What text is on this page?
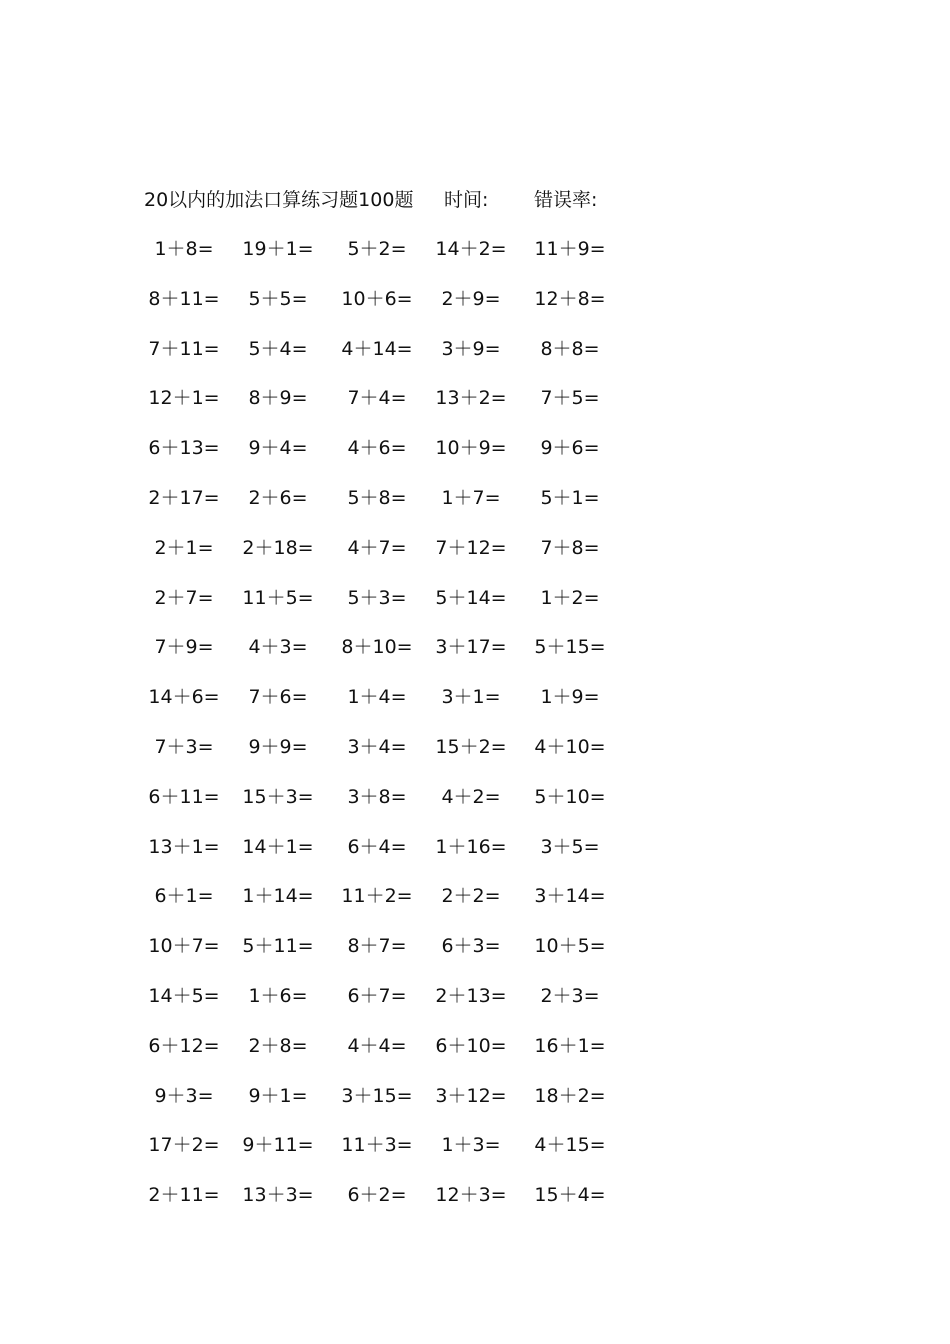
20以内的加法口算练习题100题 时间: 错误率:
1＋8=	19＋1=	5＋2=	14＋2=	11＋9=
8＋11=	5＋5=	10＋6=	2＋9=	12＋8=
7＋11=	5＋4=	4＋14=	3＋9=	8＋8=
12＋1=	8＋9=	7＋4=	13＋2=	7＋5=
6＋13=	9＋4=	4＋6=	10＋9=	9＋6=
2＋17=	2＋6=	5＋8=	1＋7=	5＋1=
2＋1=	2＋18=	4＋7=	7＋12=	7＋8=
2＋7=	11＋5=	5＋3=	5＋14=	1＋2=
7＋9=	4＋3=	8＋10=	3＋17=	5＋15=
14＋6=	7＋6=	1＋4=	3＋1=	1＋9=
7＋3=	9＋9=	3＋4=	15＋2=	4＋10=
6＋11=	15＋3=	3＋8=	4＋2=	5＋10=
13＋1=	14＋1=	6＋4=	1＋16=	3＋5=
6＋1=	1＋14=	11＋2=	2＋2=	3＋14=
10＋7=	5＋11=	8＋7=	6＋3=	10＋5=
14＋5=	1＋6=	6＋7=	2＋13=	2＋3=
6＋12=	2＋8=	4＋4=	6＋10=	16＋1=
9＋3=	9＋1=	3＋15=	3＋12=	18＋2=
17＋2=	9＋11=	11＋3=	1＋3=	4＋15=
2＋11=	13＋3=	6＋2=	12＋3=	15＋4=
